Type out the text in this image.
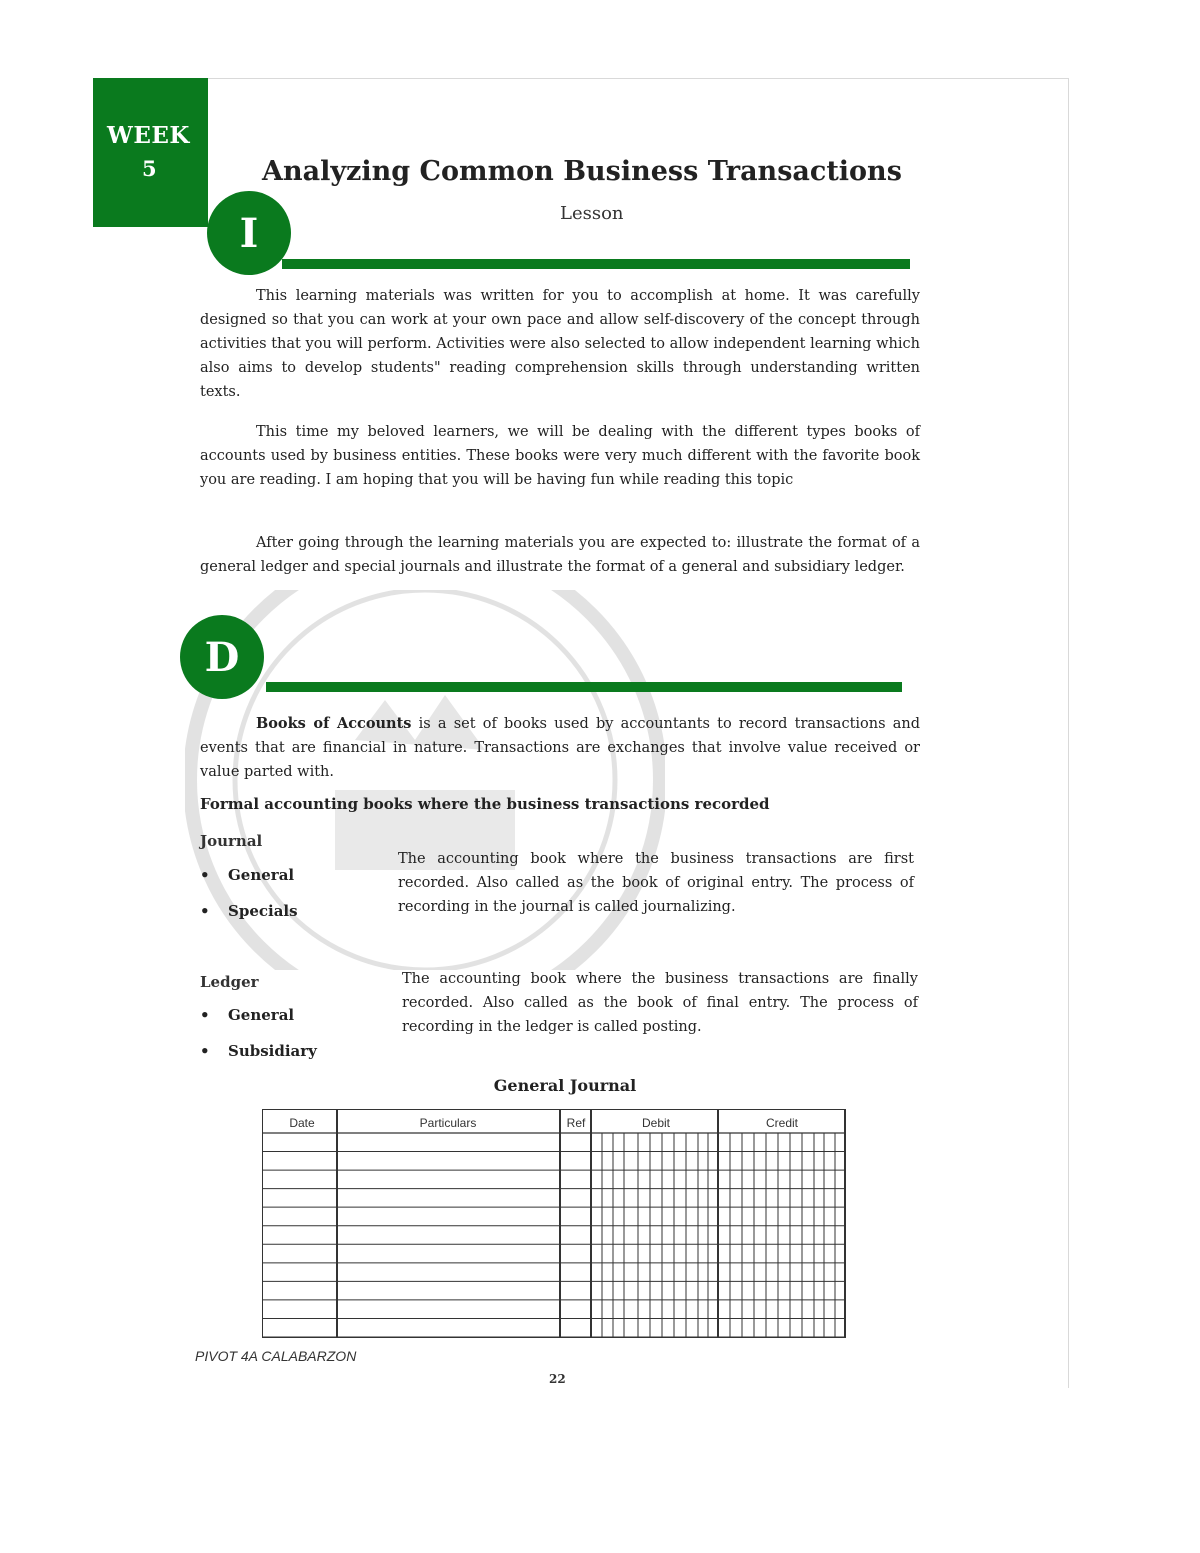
WEEK
5	Analyzing Common Business Transactions
Lesson
I

This learning materials was written for you to accomplish at home. It was carefully designed so that you can work at your own pace and allow self-discovery of the concept through activities that you will perform. Activities were also selected to allow independent learning which also aims to develop students" reading comprehension skills through understanding written texts.

This time my beloved learners, we will be dealing with the different types books of accounts used by business entities. These books were very much different with the favorite book you are reading. I am hoping that you will be having fun while reading this topic

After going through the learning materials you are expected to: illustrate the format of a general ledger and special journals and illustrate the format of a general and subsidiary ledger.

D

Books of Accounts is a set of books used by accountants to record transactions and events that are financial in nature. Transactions are exchanges that involve value received or value parted with.

Formal accounting books where the business transactions recorded

Journal
• General
• Specials

The accounting book where the business transactions are first recorded. Also called as the book of original entry. The process of recording in the journal is called journalizing.

Ledger
• General
• Subsidiary

The accounting book where the business transactions are finally recorded. Also called as the book of final entry. The process of recording in the ledger is called posting.

General Journal

Date	Particulars	Ref	Debit	Credit
PIVOT 4A CALABARZON
22
